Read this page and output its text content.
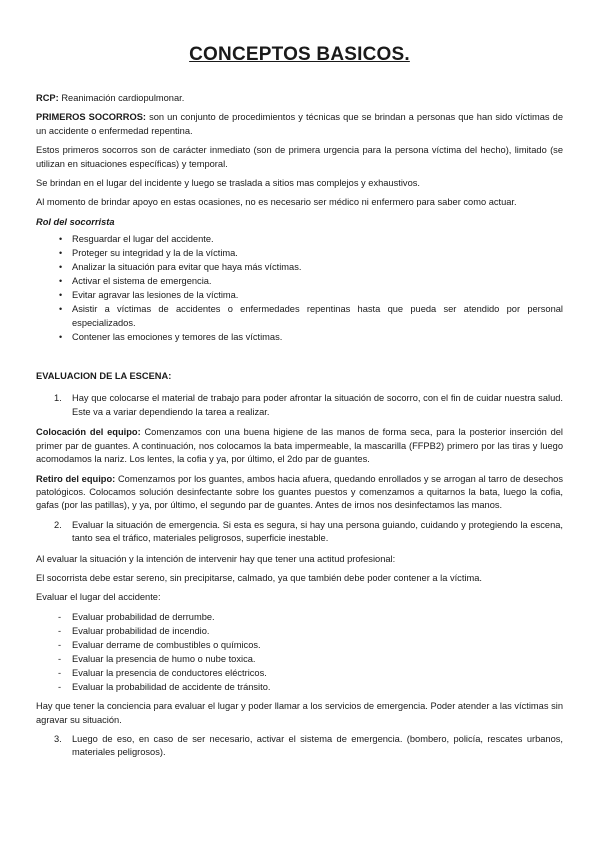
CONCEPTOS BASICOS.

RCP: Reanimación cardiopulmonar.

PRIMEROS SOCORROS: son un conjunto de procedimientos y técnicas que se brindan a personas que han sido víctimas de un accidente o enfermedad repentina.

Estos primeros socorros son de carácter inmediato (son de primera urgencia para la persona víctima del hecho), limitado (se utilizan en situaciones específicas) y temporal.

Se brindan en el lugar del incidente y luego se traslada a sitios mas complejos y exhaustivos.

Al momento de brindar apoyo en estas ocasiones, no es necesario ser médico ni enfermero para saber como actuar.

Rol del socorrista
• Resguardar el lugar del accidente.
• Proteger su integridad y la de la víctima.
• Analizar la situación para evitar que haya más víctimas.
• Activar el sistema de emergencia.
• Evitar agravar las lesiones de la víctima.
• Asistir a víctimas de accidentes o enfermedades repentinas hasta que pueda ser atendido por personal especializados.
• Contener las emociones y temores de las víctimas.
EVALUACION DE LA ESCENA:
1. Hay que colocarse el material de trabajo para poder afrontar la situación de socorro, con el fin de cuidar nuestra salud. Este va a variar dependiendo la tarea a realizar.

Colocación del equipo: Comenzamos con una buena higiene de las manos de forma seca, para la posterior inserción del primer par de guantes. A continuación, nos colocamos la bata impermeable, la mascarilla (FFPB2) primero por las tiras y luego acomodamos la nariz. Los lentes, la cofia y ya, por último, el 2do par de guantes.

Retiro del equipo: Comenzamos por los guantes, ambos hacia afuera, quedando enrollados y se arrogan al tarro de desechos patológicos. Colocamos solución desinfectante sobre los guantes puestos y comenzamos a quitarnos la bata, luego la cofia, gafas (por las patillas), y ya, por último, el segundo par de guantes. Antes de irnos nos desinfectamos las manos.

2. Evaluar la situación de emergencia. Si esta es segura, si hay una persona guiando, cuidando y protegiendo la escena, tanto sea el tráfico, materiales peligrosos, superficie inestable.

Al evaluar la situación y la intención de intervenir hay que tener una actitud profesional:

El socorrista debe estar sereno, sin precipitarse, calmado, ya que también debe poder contener a la víctima.

Evaluar el lugar del accidente:

- Evaluar probabilidad de derrumbe.
- Evaluar probabilidad de incendio.
- Evaluar derrame de combustibles o químicos.
- Evaluar la presencia de humo o nube toxica.
- Evaluar la presencia de conductores eléctricos.
- Evaluar la probabilidad de accidente de tránsito.

Hay que tener la conciencia para evaluar el lugar y poder llamar a los servicios de emergencia. Poder atender a las víctimas sin agravar su situación.

3. Luego de eso, en caso de ser necesario, activar el sistema de emergencia. (bombero, policía, rescates urbanos, materiales peligrosos).
